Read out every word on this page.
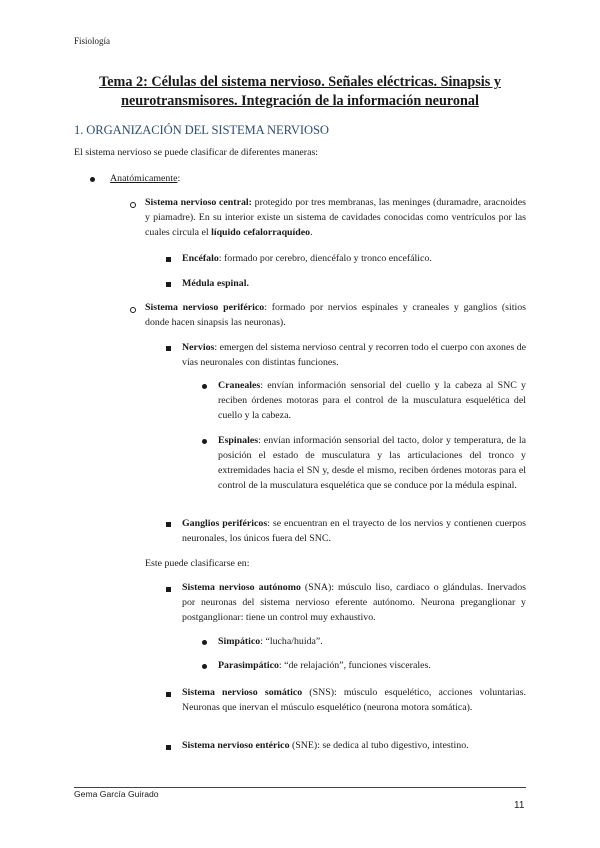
Fisiología
Tema 2: Células del sistema nervioso. Señales eléctricas. Sinapsis y
neurotransmisores. Integración de la información neuronal
1. ORGANIZACIÓN DEL SISTEMA NERVIOSO
El sistema nervioso se puede clasificar de diferentes maneras:
Anatómicamente:
Sistema nervioso central: protegido por tres membranas, las meninges (duramadre, aracnoides y piamadre). En su interior existe un sistema de cavidades conocidas como ventrículos por las cuales circula el líquido cefalorraquídeo.
Encéfalo: formado por cerebro, diencéfalo y tronco encefálico.
Médula espinal.
Sistema nervioso periférico: formado por nervios espinales y craneales y ganglios (sitios donde hacen sinapsis las neuronas).
Nervios: emergen del sistema nervioso central y recorren todo el cuerpo con axones de vías neuronales con distintas funciones.
Craneales: envían información sensorial del cuello y la cabeza al SNC y reciben órdenes motoras para el control de la musculatura esquelética del cuello y la cabeza.
Espinales: envían información sensorial del tacto, dolor y temperatura, de la posición el estado de musculatura y las articulaciones del tronco y extremidades hacia el SN y, desde el mismo, reciben órdenes motoras para el control de la musculatura esquelética que se conduce por la médula espinal.
Ganglios periféricos: se encuentran en el trayecto de los nervios y contienen cuerpos neuronales, los únicos fuera del SNC.
Este puede clasificarse en:
Sistema nervioso autónomo (SNA): músculo liso, cardiaco o glándulas. Inervados por neuronas del sistema nervioso eferente autónomo. Neurona preganglionar y postganglionar: tiene un control muy exhaustivo.
Simpático: “lucha/huida”.
Parasimpático: “de relajación”, funciones viscerales.
Sistema nervioso somático (SNS): músculo esquelético, acciones voluntarias. Neuronas que inervan el músculo esquelético (neurona motora somática).
Sistema nervioso entérico (SNE): se dedica al tubo digestivo, intestino.
Gema García Guirado
11
